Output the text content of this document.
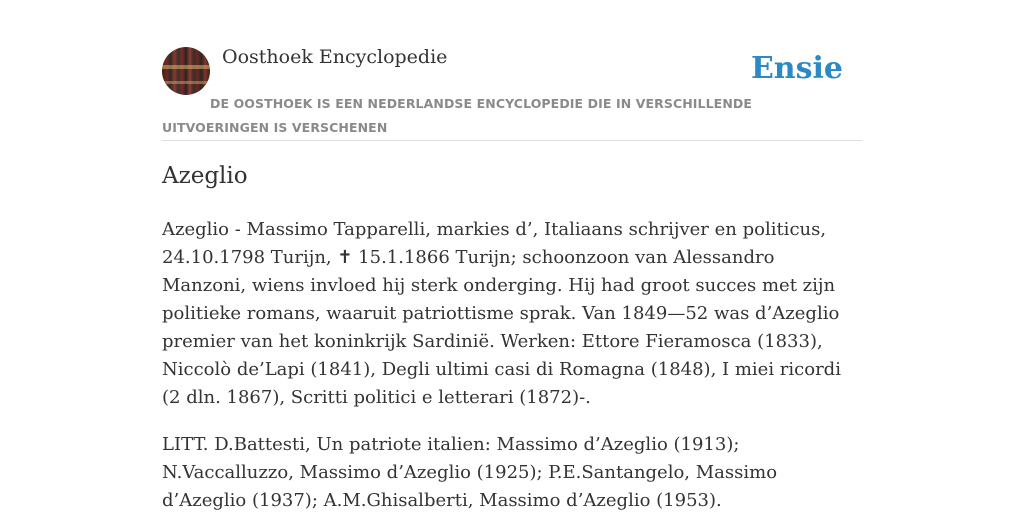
Oosthoek Encyclopedie	Ensie
DE OOSTHOEK IS EEN NEDERLANDSE ENCYCLOPEDIE DIE IN VERSCHILLENDE UITVOERINGEN IS VERSCHENEN
Azeglio

Azeglio - Massimo Tapparelli, markies d’, Italiaans schrijver en politicus, 24.10.1798 Turijn, ✝ 15.1.1866 Turijn; schoonzoon van Alessandro Manzoni, wiens invloed hij sterk onderging. Hij had groot succes met zijn politieke romans, waaruit patriottisme sprak. Van 1849—52 was d’Azeglio premier van het koninkrijk Sardinië. Werken: Ettore Fieramosca (1833), Niccolò de’Lapi (1841), Degli ultimi casi di Romagna (1848), I miei ricordi (2 dln. 1867), Scritti politici e letterari (1872)-.

LITT. D.Battesti, Un patriote italien: Massimo d’Azeglio (1913); N.Vaccalluzzo, Massimo d’Azeglio (1925); P.E.Santangelo, Massimo d’Azeglio (1937); A.M.Ghisalberti, Massimo d’Azeglio (1953).
